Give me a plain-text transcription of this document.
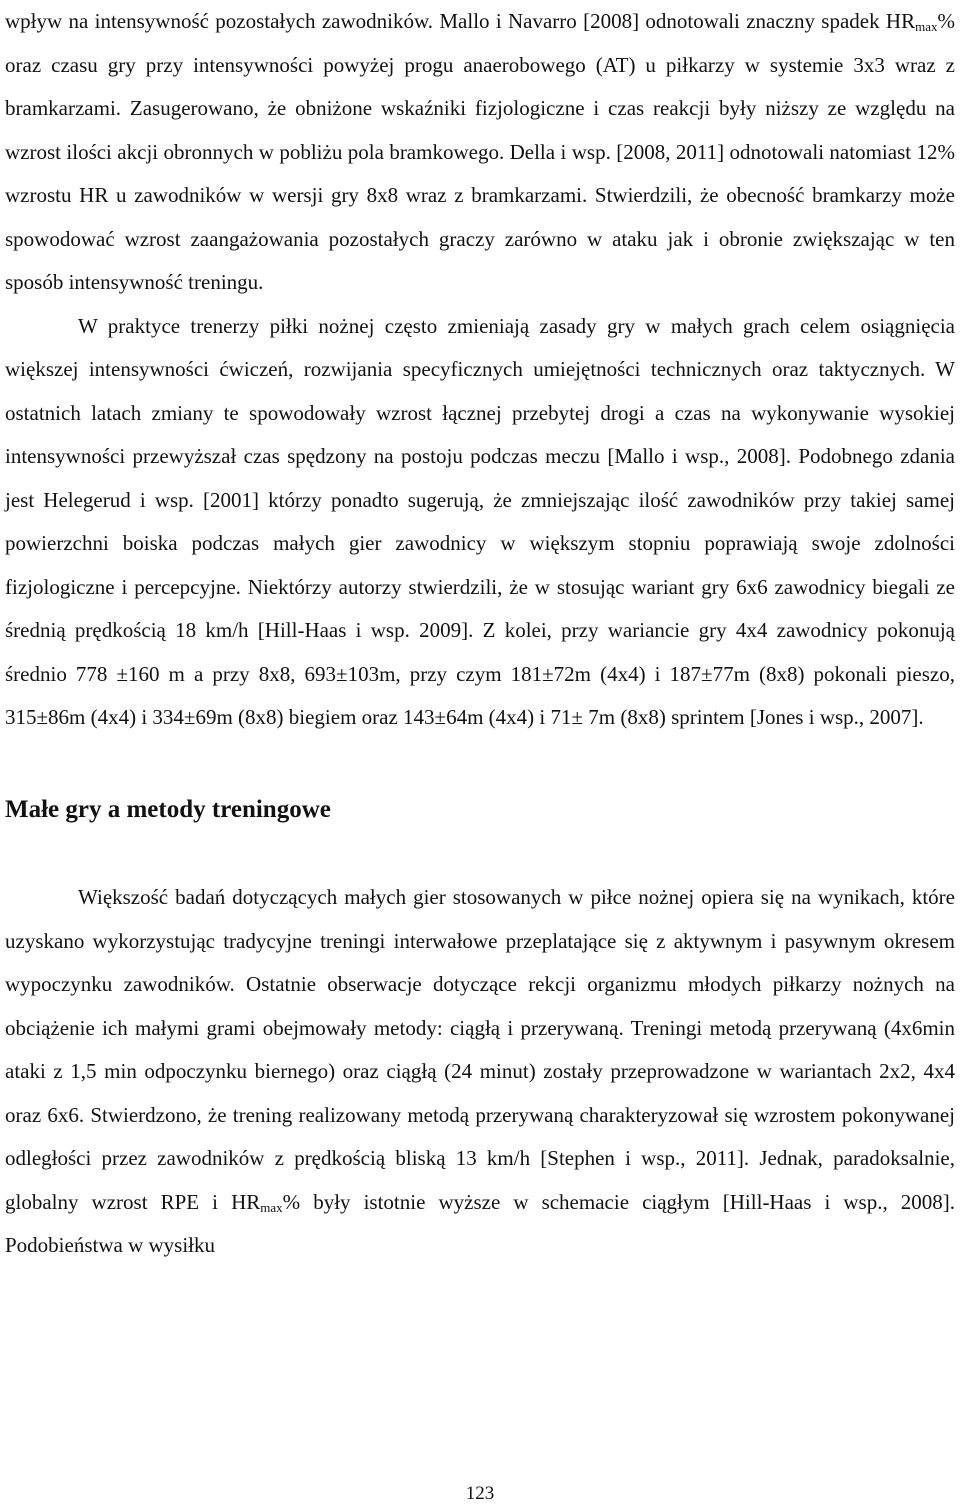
wpływ na intensywność pozostałych zawodników. Mallo i Navarro [2008] odnotowali znaczny spadek $HR_{max}\%$ oraz czasu gry przy intensywności powyżej progu anaerobowego (AT) u piłkarzy w systemie 3x3 wraz z bramkarzami. Zasugerowano, że obniżone wskaźniki fizjologiczne i czas reakcji były niższy ze względu na wzrost ilości akcji obronnych w pobliżu pola bramkowego. Della i wsp. [2008, 2011] odnotowali natomiast 12% wzrostu HR u zawodników w wersji gry 8x8 wraz z bramkarzami. Stwierdzili, że obecność bramkarzy może spowodować wzrost zaangażowania pozostałych graczy zarówno w ataku jak i obronie zwiększając w ten sposób intensywność treningu.

W praktyce trenerzy piłki nożnej często zmieniają zasady gry w małych grach celem osiągnięcia większej intensywności ćwiczeń, rozwijania specyficznych umiejętności technicznych oraz taktycznych. W ostatnich latach zmiany te spowodowały wzrost łącznej przebytej drogi a czas na wykonywanie wysokiej intensywności przewyższał czas spędzony na postoju podczas meczu [Mallo i wsp., 2008]. Podobnego zdania jest Helegerud i wsp. [2001] którzy ponadto sugerują, że zmniejszając ilość zawodników przy takiej samej powierzchni boiska podczas małych gier zawodnicy w większym stopniu poprawiają swoje zdolności fizjologiczne i percepcyjne. Niektórzy autorzy stwierdzili, że w stosując wariant gry 6x6 zawodnicy biegali ze średnią prędkością 18 km/h [Hill-Haas i wsp. 2009]. Z kolei, przy wariancie gry 4x4 zawodnicy pokonują średnio 778 ±160 m a przy 8x8, 693±103m, przy czym 181±72m (4x4) i 187±77m (8x8) pokonali pieszo, 315±86m (4x4) i 334±69m (8x8) biegiem oraz 143±64m (4x4) i 71± 7m (8x8) sprintem [Jones i wsp., 2007].

Małe gry a metody treningowe

Większość badań dotyczących małych gier stosowanych w piłce nożnej opiera się na wynikach, które uzyskano wykorzystując tradycyjne treningi interwałowe przeplatające się z aktywnym i pasywnym okresem wypoczynku zawodników. Ostatnie obserwacje dotyczące rekcji organizmu młodych piłkarzy nożnych na obciążenie ich małymi grami obejmowały metody: ciągłą i przerywaną. Treningi metodą przerywaną (4x6min ataki z 1,5 min odpoczynku biernego) oraz ciągłą (24 minut) zostały przeprowadzone w wariantach 2x2, 4x4 oraz 6x6. Stwierdzono, że trening realizowany metodą przerywaną charakteryzował się wzrostem pokonywanej odległości przez zawodników z prędkością bliską 13 km/h [Stephen i wsp., 2011]. Jednak, paradoksalnie, globalny wzrost RPE i $HR_{max}\%$ były istotnie wyższe w schemacie ciągłym [Hill-Haas i wsp., 2008]. Podobieństwa w wysiłku

123
